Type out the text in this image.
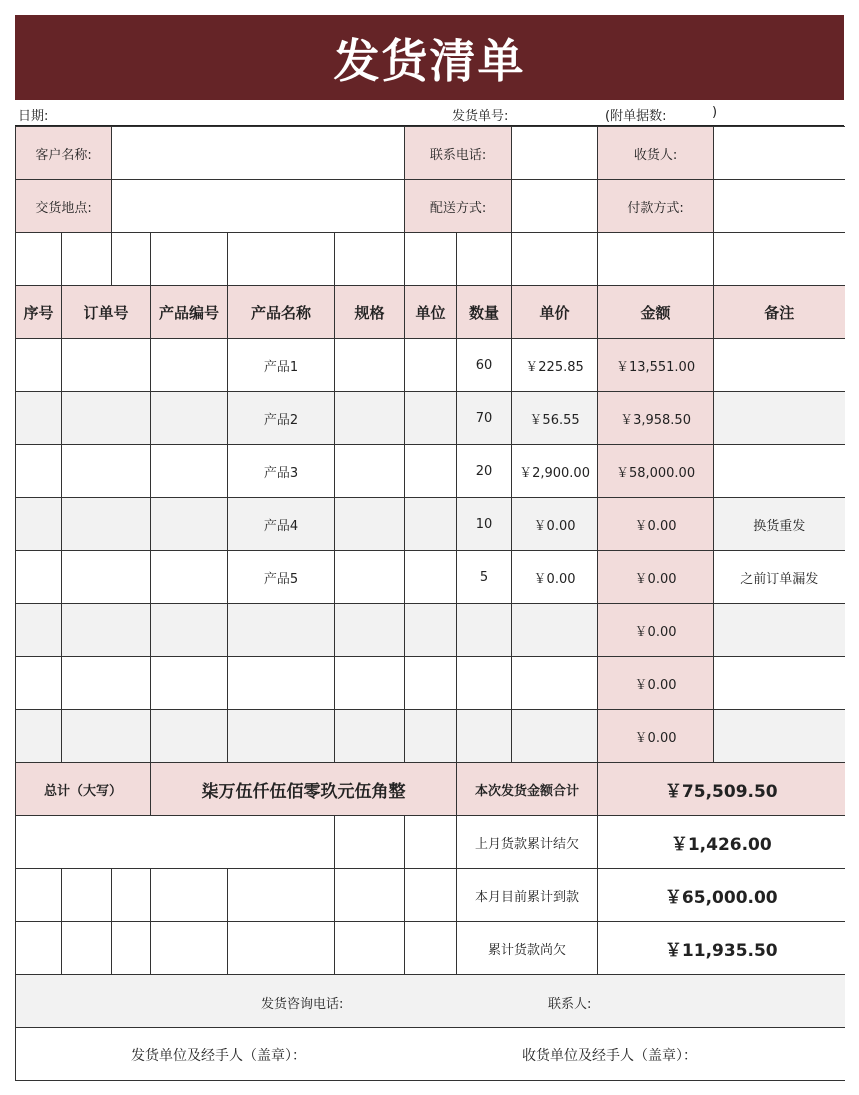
发货清单
日期:	发货单号:	(附单据数:	)
客户名称:						联系电话:			收货人:	
交货地点:						配送方式:			付款方式:	

序号	订单号		产品编号	产品名称	规格	单位	数量	单价	金额	备注
				产品1			60	￥225.85	￥13,551.00	
				产品2			70	￥56.55	￥3,958.50	
				产品3			20	￥2,900.00	￥58,000.00	
				产品4			10	￥0.00	￥0.00	换货重发
				产品5			5	￥0.00	￥0.00	之前订单漏发
									￥0.00	
									￥0.00	
									￥0.00	
总计（大写）			柒万伍仟伍佰零玖元伍角整				本次发货金额合计		￥75,509.50	
							上月货款累计结欠		￥1,426.00	
							本月目前累计到款		￥65,000.00	
							累计货款尚欠		￥11,935.50	

发货咨询电话: 联系人:										

发货单位及经手人（盖章）： 收货单位及经手人（盖章）：										
